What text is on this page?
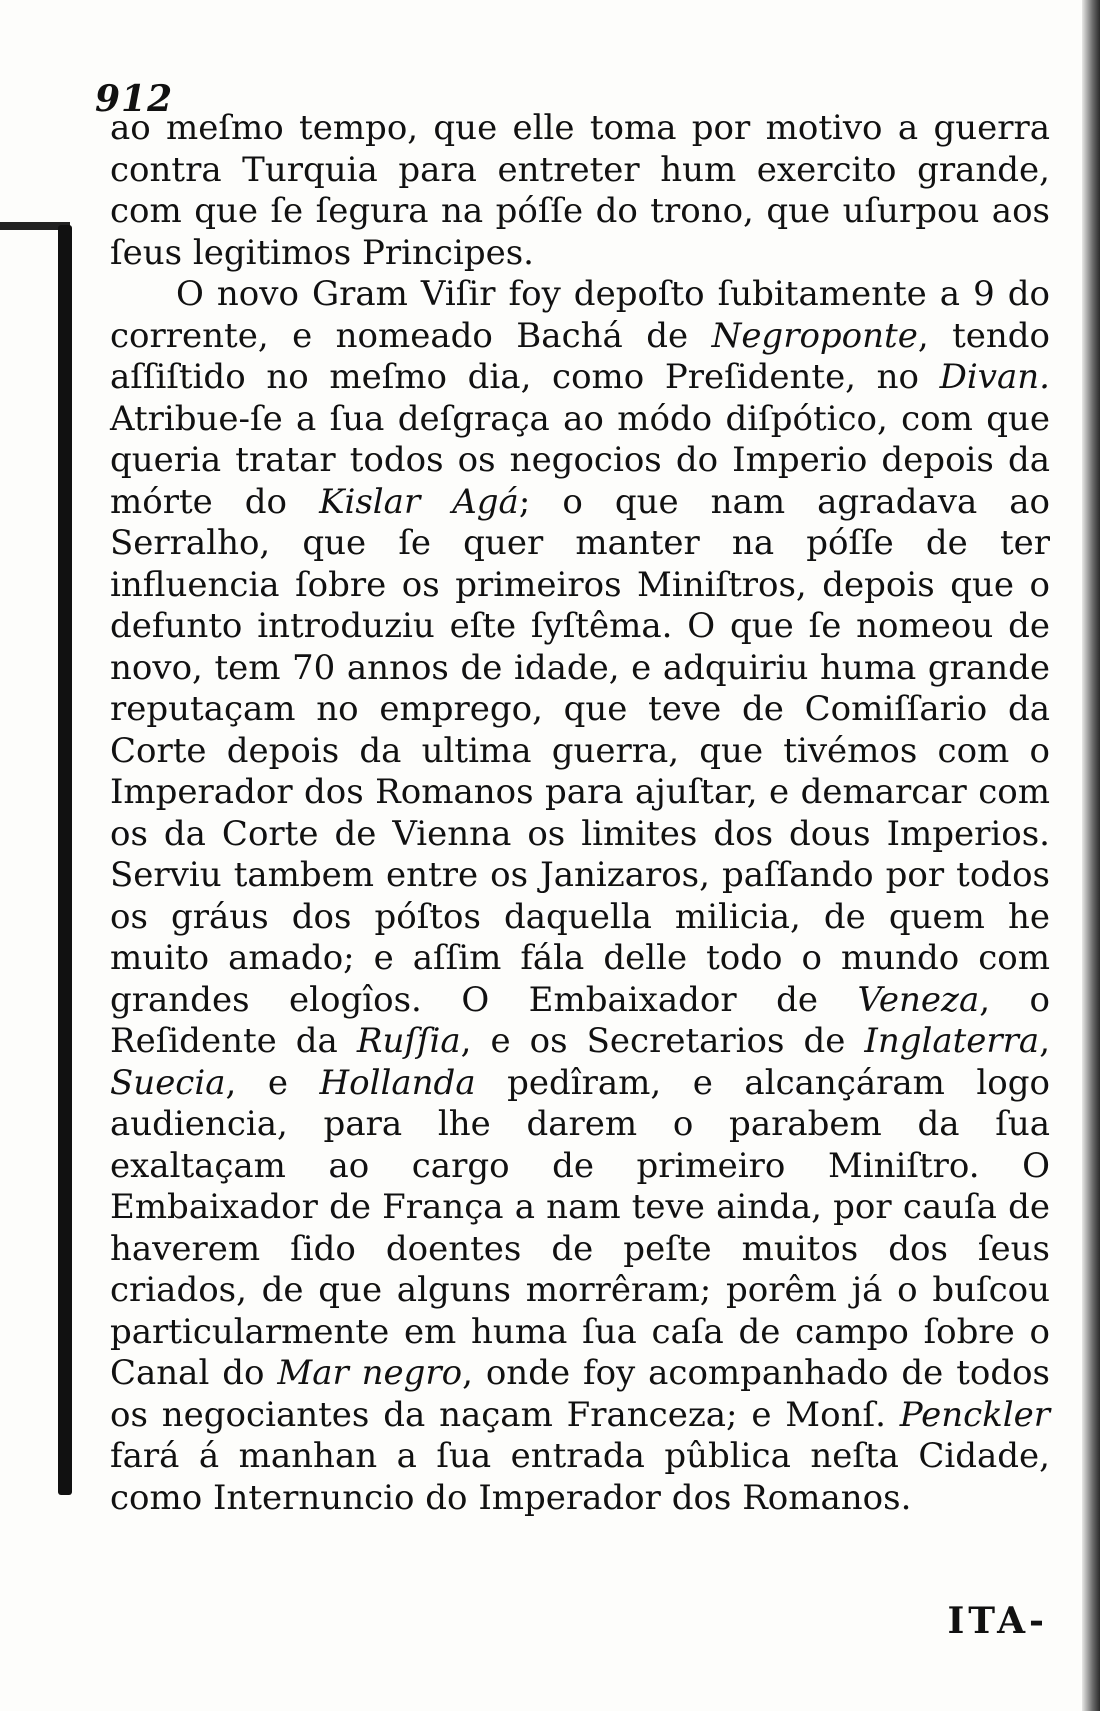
912

ao meſmo tempo, que elle toma por motivo a guerra contra Turquia para entreter hum exercito grande, com que ſe ſegura na póſſe do trono, que uſurpou aos ſeus legitimos Principes.

O novo Gram Viſir foy depoſto ſubitamente a 9 do corrente, e nomeado Bachá de Negroponte, tendo aſſiſtido no meſmo dia, como Preſidente, no Divan. Atribue-ſe a ſua deſgraça ao módo diſpótico, com que queria tratar todos os negocios do Imperio depois da mórte do Kislar Agá; o que nam agradava ao Serralho, que ſe quer manter na póſſe de ter influencia ſobre os primeiros Miniſtros, depois que o defunto introduziu eſte ſyſtêma. O que ſe nomeou de novo, tem 70 annos de idade, e adquiriu huma grande reputaçam no emprego, que teve de Comiſſario da Corte depois da ultima guerra, que tivémos com o Imperador dos Romanos para ajuſtar, e demarcar com os da Corte de Vienna os limites dos dous Imperios. Serviu tambem entre os Janizaros, paſſando por todos os gráus dos póſtos daquella milicia, de quem he muito amado; e aſſim fála delle todo o mundo com grandes elogîos. O Embaixador de Veneza, o Reſidente da Ruſſia, e os Secretarios de Inglaterra, Suecia, e Hollanda pedîram, e alcançáram logo audiencia, para lhe darem o parabem da ſua exaltaçam ao cargo de primeiro Miniſtro. O Embaixador de França a nam teve ainda, por cauſa de haverem ſido doentes de peſte muitos dos ſeus criados, de que alguns morrêram; porêm já o buſcou particularmente em huma ſua caſa de campo ſobre o Canal do Mar negro, onde foy acompanhado de todos os negociantes da naçam Franceza; e Monſ. Penckler fará á manhan a ſua entrada pûblica neſta Cidade, como Internuncio do Imperador dos Romanos.

ITA-
